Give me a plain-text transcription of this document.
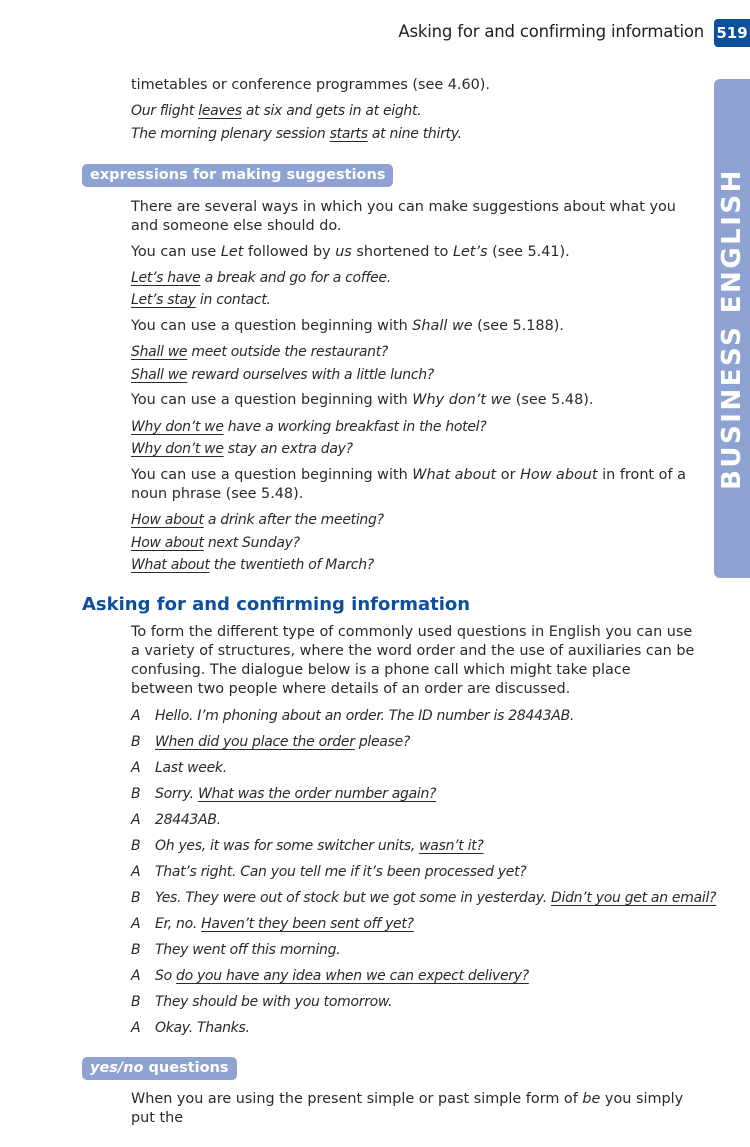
Asking for and confirming information 519
BUSINESS ENGLISH
timetables or conference programmes (see 4.60).
Our flight leaves at six and gets in at eight.
The morning plenary session starts at nine thirty.
expressions for making suggestions
There are several ways in which you can make suggestions about what you and someone else should do.
You can use Let followed by us shortened to Let’s (see 5.41).
Let’s have a break and go for a coffee.
Let’s stay in contact.
You can use a question beginning with Shall we (see 5.188).
Shall we meet outside the restaurant?
Shall we reward ourselves with a little lunch?
You can use a question beginning with Why don’t we (see 5.48).
Why don’t we have a working breakfast in the hotel?
Why don’t we stay an extra day?
You can use a question beginning with What about or How about in front of a noun phrase (see 5.48).
How about a drink after the meeting?
How about next Sunday?
What about the twentieth of March?
Asking for and confirming information
To form the different type of commonly used questions in English you can use a variety of structures, where the word order and the use of auxiliaries can be confusing. The dialogue below is a phone call which might take place between two people where details of an order are discussed.
A Hello. I’m phoning about an order. The ID number is 28443AB.
B When did you place the order please?
A Last week.
B Sorry. What was the order number again?
A 28443AB.
B Oh yes, it was for some switcher units, wasn’t it?
A That’s right. Can you tell me if it’s been processed yet?
B Yes. They were out of stock but we got some in yesterday. Didn’t you get an email?
A Er, no. Haven’t they been sent off yet?
B They went off this morning.
A So do you have any idea when we can expect delivery?
B They should be with you tomorrow.
A Okay. Thanks.
yes/no questions
When you are using the present simple or past simple form of be you simply put the
